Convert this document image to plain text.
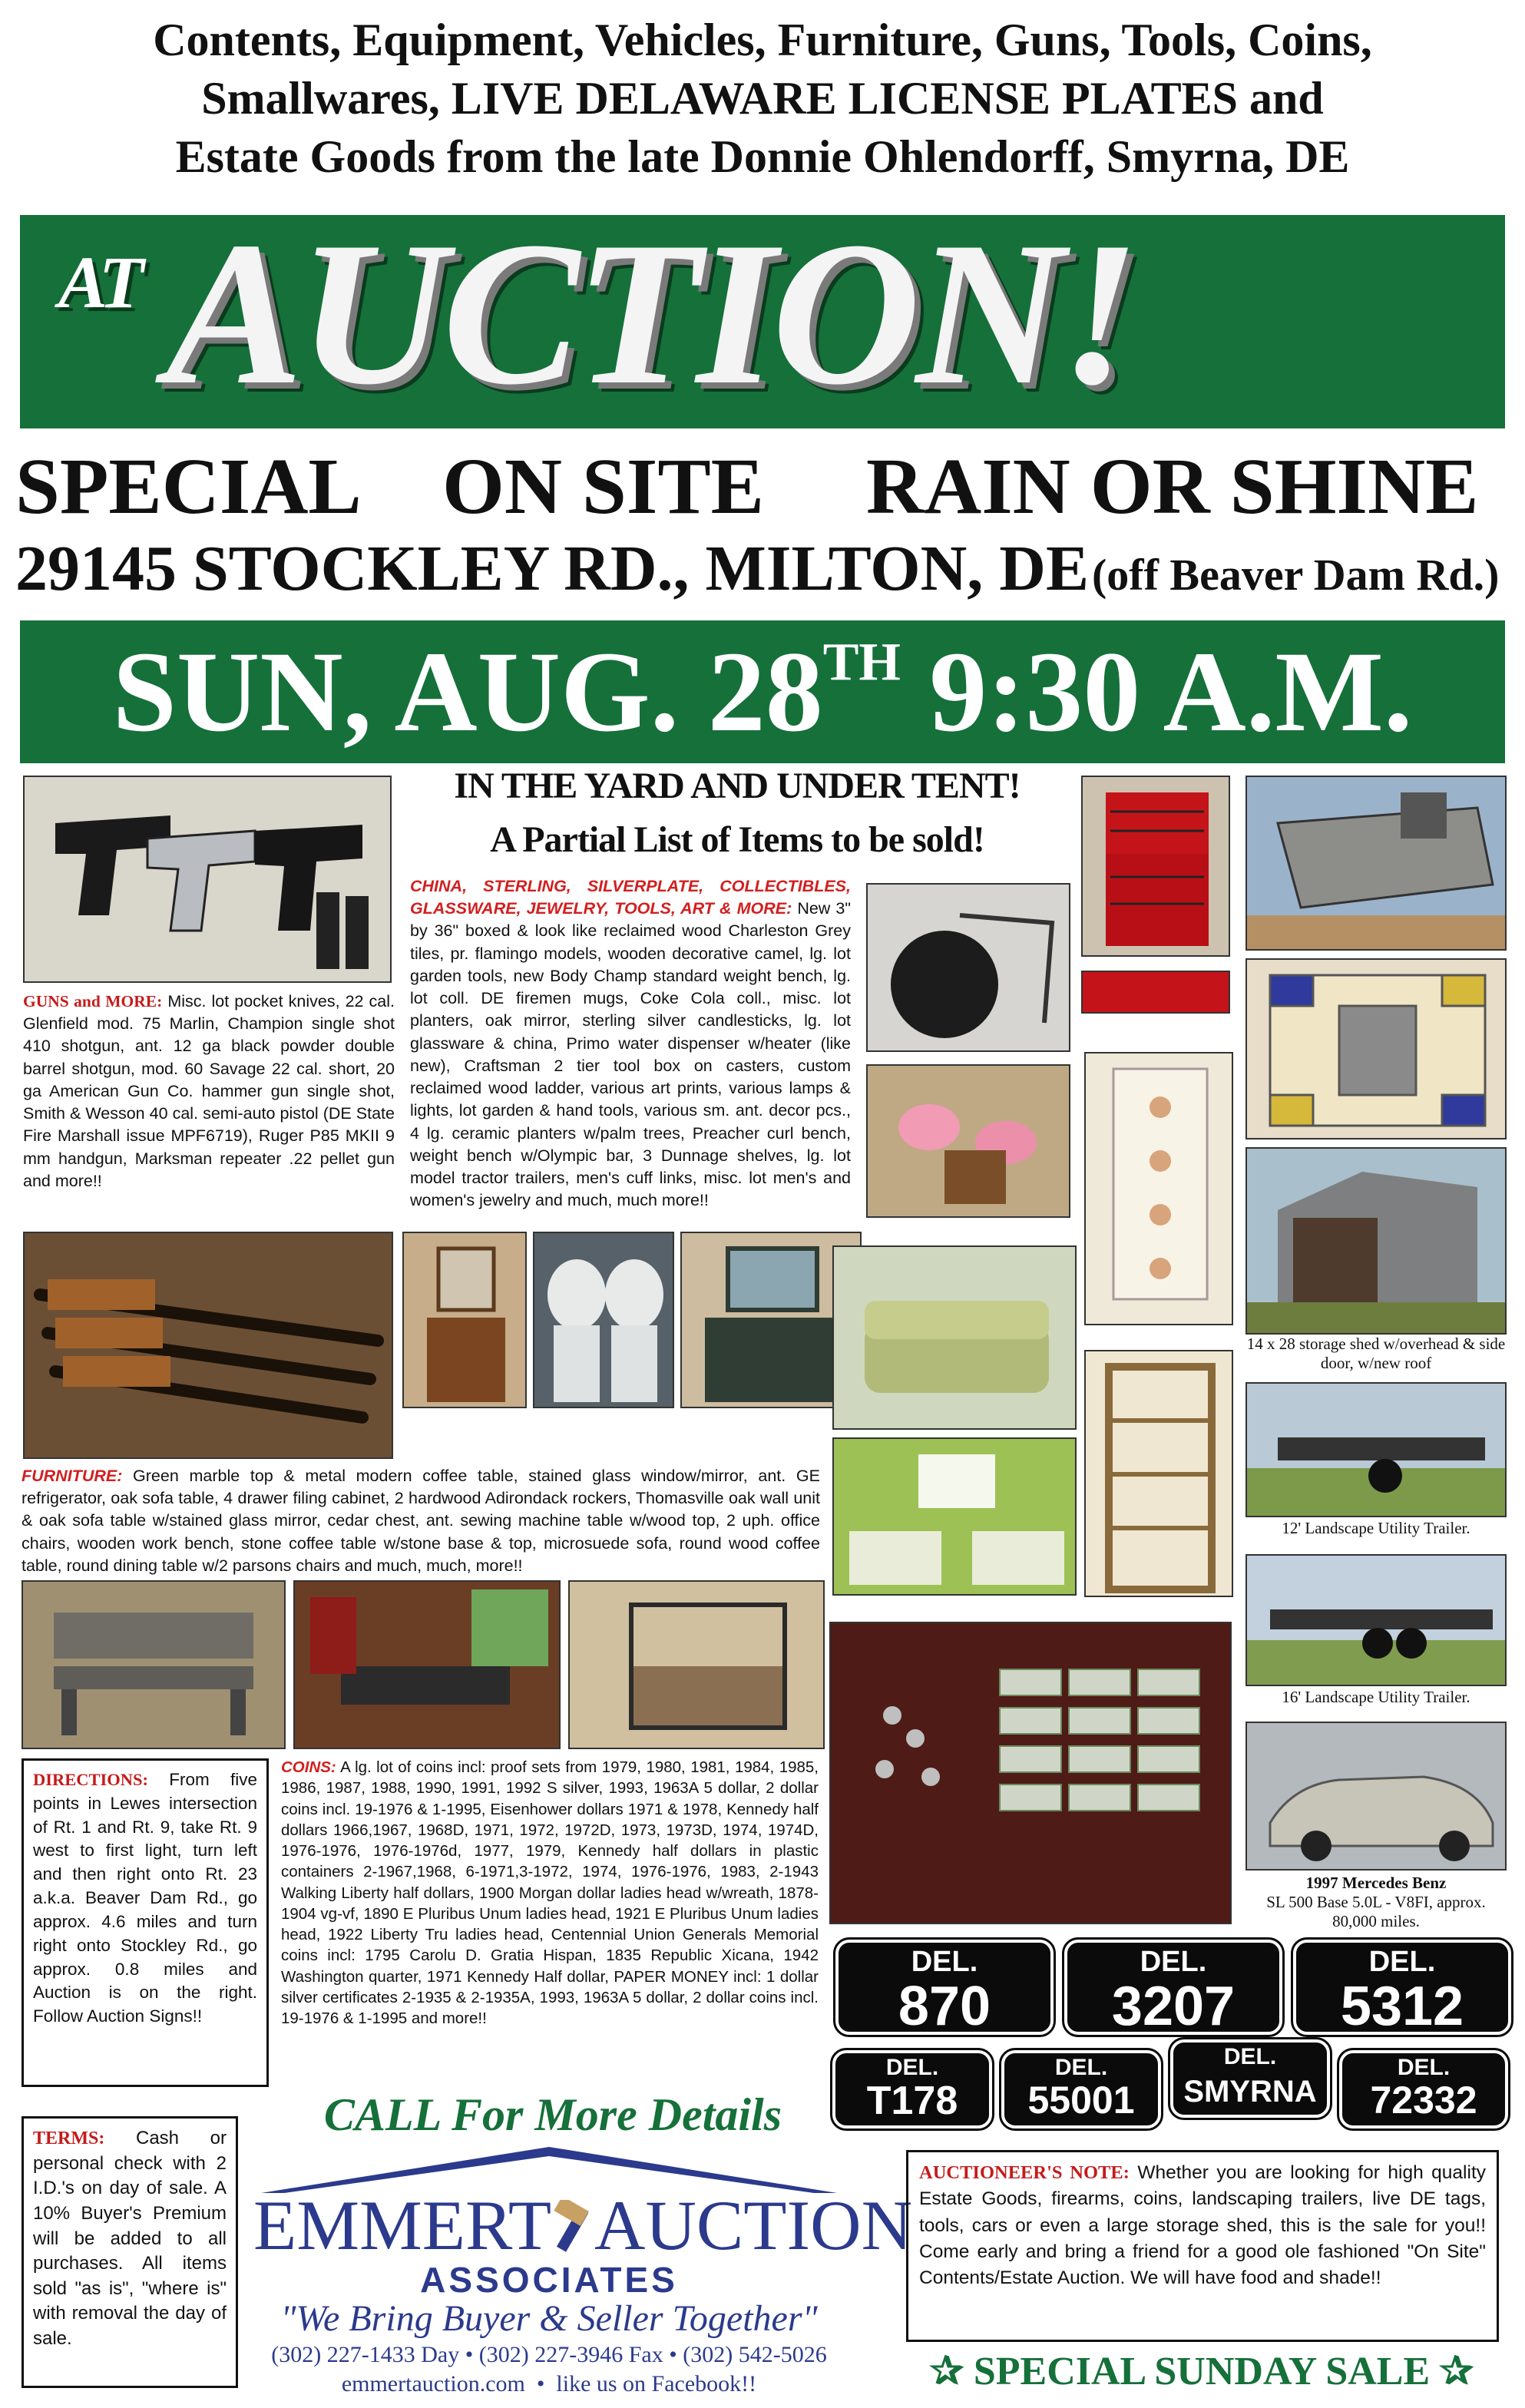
Contents, Equipment, Vehicles, Furniture, Guns, Tools, Coins,
Smallwares, LIVE DELAWARE LICENSE PLATES and
Estate Goods from the late Donnie Ohlendorff, Smyrna, DE
AT AUCTION!
SPECIAL ON SITE RAIN OR SHINE
29145 STOCKLEY RD., MILTON, DE (off Beaver Dam Rd.)
SUN, AUG. 28TH 9:30 A.M.
IN THE YARD AND UNDER TENT!
A Partial List of Items to be sold!
CHINA, STERLING, SILVERPLATE, COLLECTIBLES, GLASSWARE, JEWELRY, TOOLS, ART & MORE: New 3" by 36" boxed & look like reclaimed wood Charleston Grey tiles, pr. flamingo models, wooden decorative camel, lg. lot garden tools, new Body Champ standard weight bench, lg. lot coll. DE firemen mugs, Coke Cola coll., misc. lot planters, oak mirror, sterling silver candlesticks, lg. lot glassware & china, Primo water dispenser w/heater (like new), Craftsman 2 tier tool box on casters, custom reclaimed wood ladder, various art prints, various lamps & lights, lot garden & hand tools, various sm. ant. decor pcs., 4 lg. ceramic planters w/palm trees, Preacher curl bench, weight bench w/Olympic bar, 3 Dunnage shelves, lg. lot model tractor trailers, men's cuff links, misc. lot men's and women's jewelry and much, much more!!
GUNS and MORE: Misc. lot pocket knives, 22 cal. Glenfield mod. 75 Marlin, Champion single shot 410 shotgun, ant. 12 ga black powder double barrel shotgun, mod. 60 Savage 22 cal. short, 20 ga American Gun Co. hammer gun single shot, Smith & Wesson 40 cal. semi-auto pistol (DE State Fire Marshall issue MPF6719), Ruger P85 MKII 9 mm handgun, Marksman repeater .22 pellet gun and more!!
14 x 28 storage shed w/overhead & side door, w/new roof
12' Landscape Utility Trailer.
FURNITURE: Green marble top & metal modern coffee table, stained glass window/mirror, ant. GE refrigerator, oak sofa table, 4 drawer filing cabinet, 2 hardwood Adirondack rockers, Thomasville oak wall unit & oak sofa table w/stained glass mirror, cedar chest, ant. sewing machine table w/wood top, 2 uph. office chairs, wooden work bench, stone coffee table w/stone base & top, microsuede sofa, round wood coffee table, round dining table w/2 parsons chairs and much, much, more!!
16' Landscape Utility Trailer.
1997 Mercedes Benz
SL 500 Base 5.0L - V8FI, approx. 80,000 miles.
DIRECTIONS: From five points in Lewes intersection of Rt. 1 and Rt. 9, take Rt. 9 west to first light, turn left and then right onto Rt. 23 a.k.a. Beaver Dam Rd., go approx. 4.6 miles and turn right onto Stockley Rd., go approx. 0.8 miles and Auction is on the right. Follow Auction Signs!!
COINS: A lg. lot of coins incl: proof sets from 1979, 1980, 1981, 1984, 1985, 1986, 1987, 1988, 1990, 1991, 1992 S silver, 1993, 1963A 5 dollar, 2 dollar coins incl. 19-1976 & 1-1995, Eisenhower dollars 1971 & 1978, Kennedy half dollars 1966,1967, 1968D, 1971, 1972, 1972D, 1973, 1973D, 1974, 1974D, 1976-1976, 1976-1976d, 1977, 1979, Kennedy half dollars in plastic containers 2-1967,1968, 6-1971,3-1972, 1974, 1976-1976, 1983, 2-1943 Walking Liberty half dollars, 1900 Morgan dollar ladies head w/wreath, 1878-1904 vg-vf, 1890 E Pluribus Unum ladies head, 1921 E Pluribus Unum ladies head, 1922 Liberty Tru ladies head, Centennial Union Generals Memorial coins incl: 1795 Carolu D. Gratia Hispan, 1835 Republic Xicana, 1942 Washington quarter, 1971 Kennedy Half dollar, PAPER MONEY incl: 1 dollar silver certificates 2-1935 & 2-1935A, 1993, 1963A 5 dollar, 2 dollar coins incl. 19-1976 & 1-1995 and more!!
DEL.
870
DEL.
3207
DEL.
5312
DEL.
T178
DEL.
55001
DEL.
SMYRNA
DEL.
72332
CALL For More Details
TERMS: Cash or personal check with 2 I.D.'s on day of sale. A 10% Buyer's Premium will be added to all purchases. All items sold "as is", "where is" with removal the day of sale.
EMMERT AUCTION
ASSOCIATES
"We Bring Buyer & Seller Together"
(302) 227-1433 Day • (302) 227-3946 Fax • (302) 542-5026
emmertauction.com  •  like us on Facebook!!
AUCTIONEER'S NOTE: Whether you are looking for high quality Estate Goods, firearms, coins, landscaping trailers, live DE tags, tools, cars or even a large storage shed, this is the sale for you!! Come early and bring a friend for a good ole fashioned "On Site" Contents/Estate Auction. We will have food and shade!!
✰ SPECIAL SUNDAY SALE ✰
